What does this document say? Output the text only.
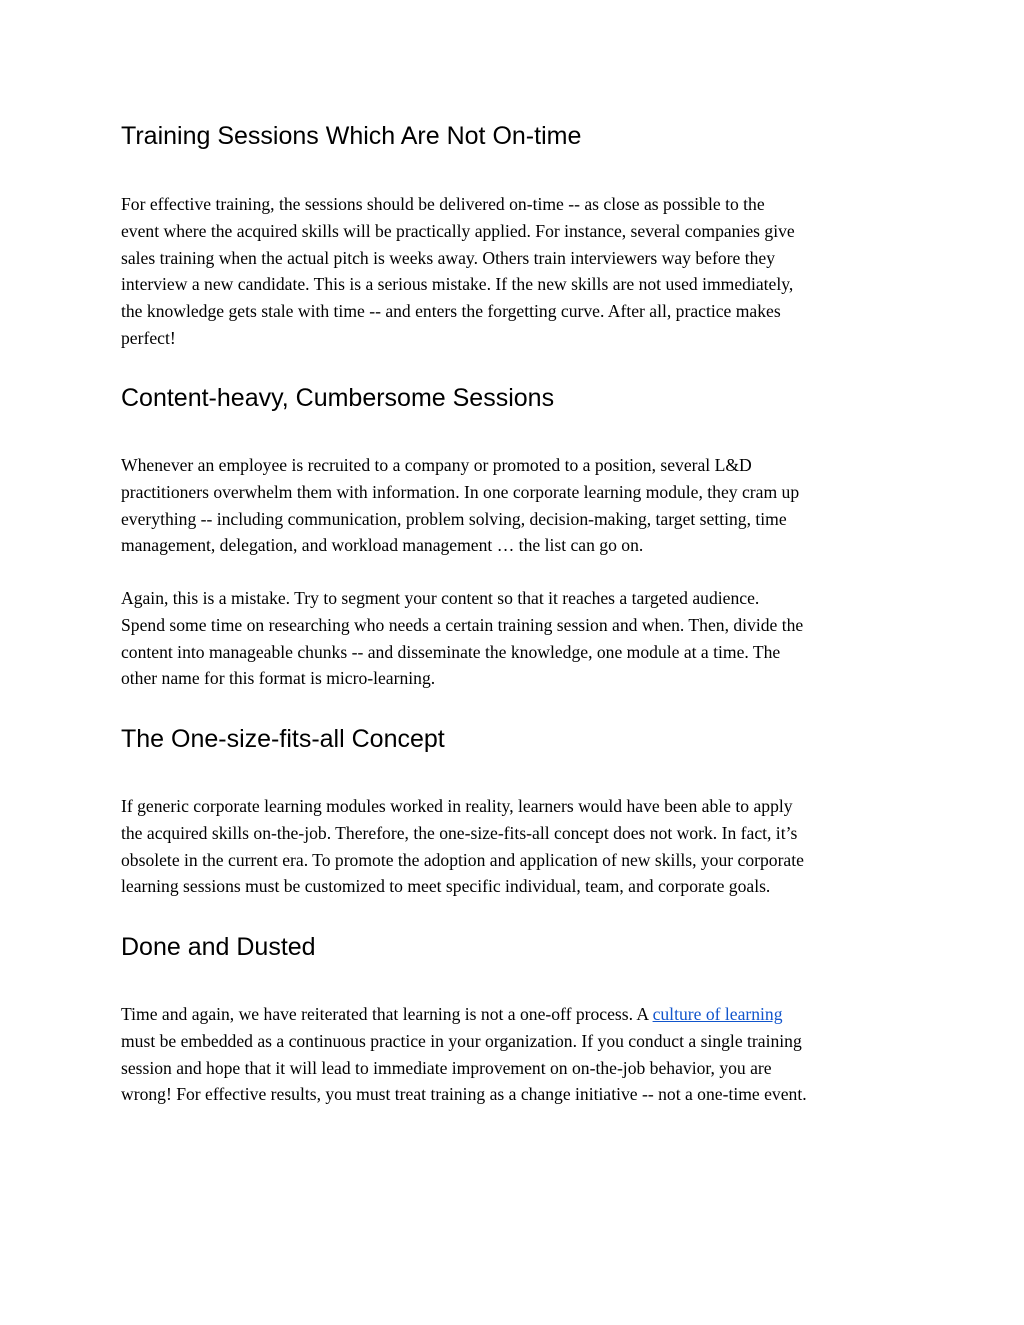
Training Sessions Which Are Not On-time

For effective training, the sessions should be delivered on-time -- as close as possible to the
event where the acquired skills will be practically applied. For instance, several companies give
sales training when the actual pitch is weeks away. Others train interviewers way before they
interview a new candidate. This is a serious mistake. If the new skills are not used immediately,
the knowledge gets stale with time -- and enters the forgetting curve. After all, practice makes
perfect!

Content-heavy, Cumbersome Sessions

Whenever an employee is recruited to a company or promoted to a position, several L&D
practitioners overwhelm them with information. In one corporate learning module, they cram up
everything -- including communication, problem solving, decision-making, target setting, time
management, delegation, and workload management … the list can go on.

Again, this is a mistake. Try to segment your content so that it reaches a targeted audience.
Spend some time on researching who needs a certain training session and when. Then, divide the
content into manageable chunks -- and disseminate the knowledge, one module at a time. The
other name for this format is micro-learning.

The One-size-fits-all Concept

If generic corporate learning modules worked in reality, learners would have been able to apply
the acquired skills on-the-job. Therefore, the one-size-fits-all concept does not work. In fact, it’s
obsolete in the current era. To promote the adoption and application of new skills, your corporate
learning sessions must be customized to meet specific individual, team, and corporate goals.

Done and Dusted

Time and again, we have reiterated that learning is not a one-off process. A culture of learning
must be embedded as a continuous practice in your organization. If you conduct a single training
session and hope that it will lead to immediate improvement on on-the-job behavior, you are
wrong! For effective results, you must treat training as a change initiative -- not a one-time event.
